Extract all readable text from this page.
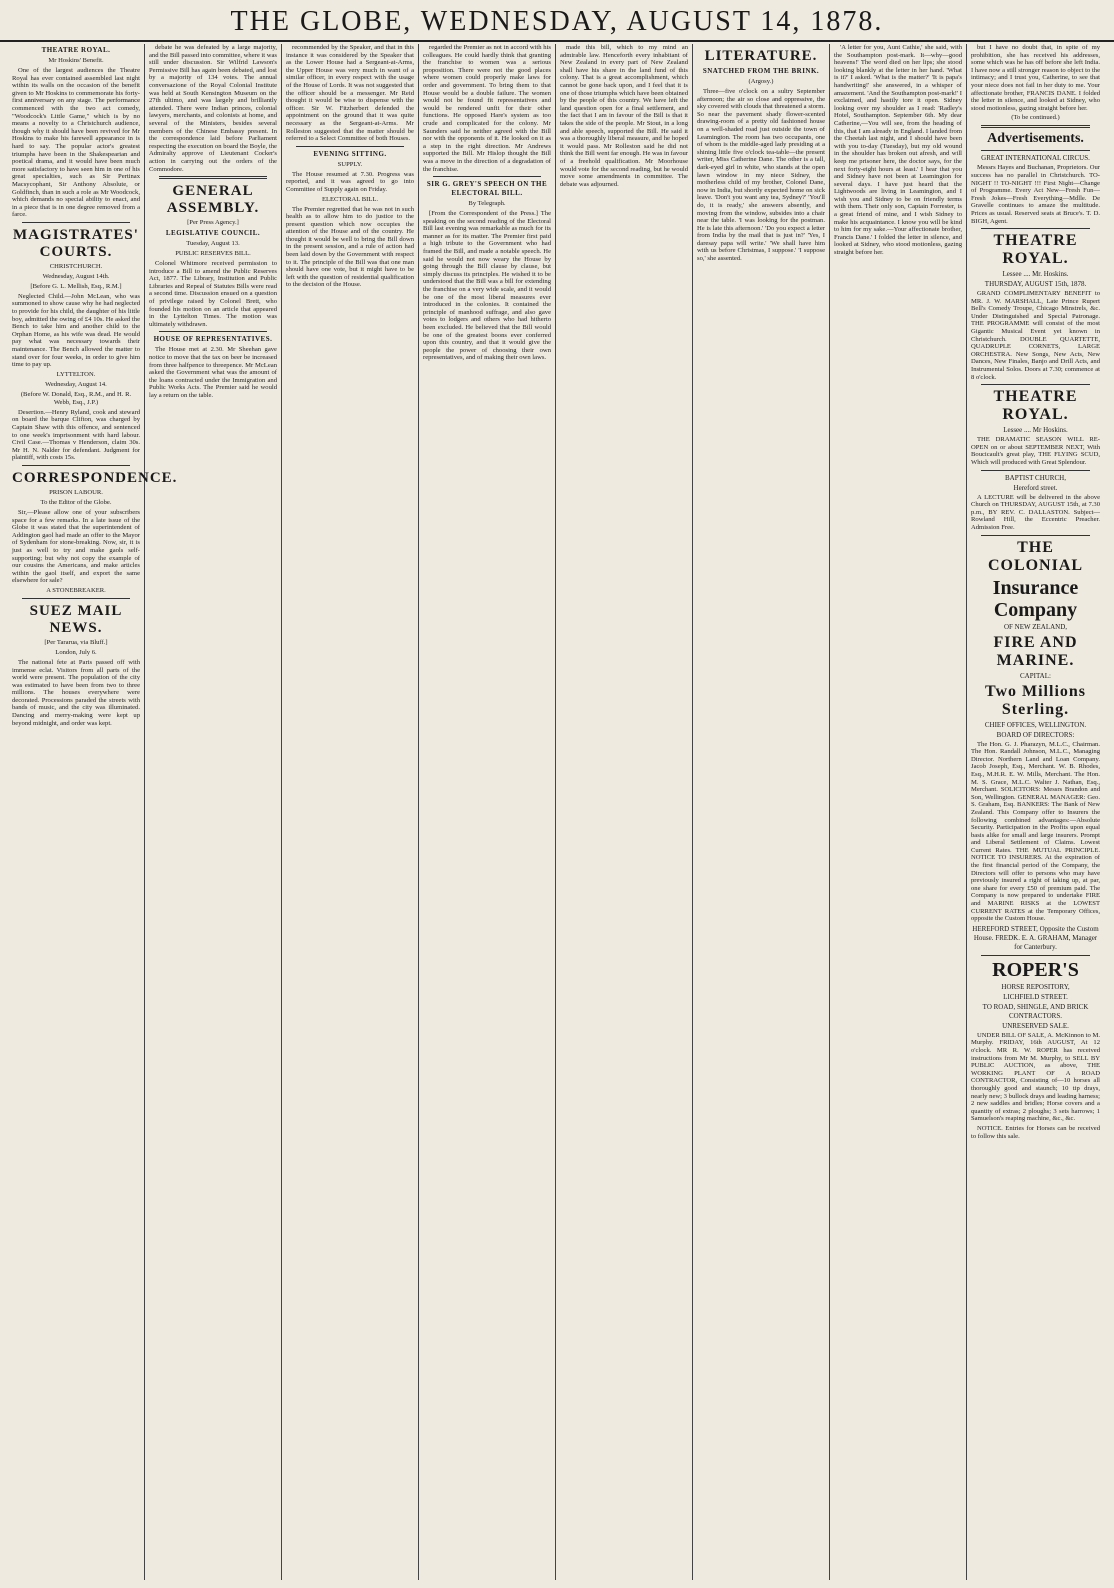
THE GLOBE, WEDNESDAY, AUGUST 14, 1878.
THEATRE ROYAL.
Mr Hoskins' Benefit.

One of the largest audiences the Theatre Royal has ever contained assembled last night within its walls on the occasion of the benefit given to Mr Hoskins to commemorate his forty-first anniversary on any stage. The performance commenced with the two act comedy, "Woodcock's Little Game," which is by no means a novelty to a Christchurch audience, though why it should have been revived for Mr Hoskins to make his farewell appearance in is hard to say. The popular actor's greatest triumphs have been in the Shakespearian and poetical drama, and it would have been much more satisfactory to have seen him in one of his great specialties, such as Sir Pertinax Macsycophant, Sir Anthony Absolute, or Goldfinch, than in such a role as Mr Woodcock, which demands no special ability to enact, and in a piece that is in one degree removed from a farce.

MAGISTRATES' COURTS.
CHRISTCHURCH.
Wednesday, August 14th.
[Before G. L. Mellish, Esq., R.M.]

Neglected Child.—John McLean, who was summoned to show cause why he had neglected to provide for his child, the daughter of his little boy, admitted the owing of £4 10s. He asked the Bench to take him and another child to the Orphan Home, as his wife was dead. He would pay what was necessary towards their maintenance. The Bench allowed the matter to stand over for four weeks, in order to give him time to pay up.

LYTTELTON.
Wednesday, August 14.
(Before W. Donald, Esq., R.M., and H. R. Webb, Esq., J.P.)

Desertion.—Henry Ryland, cook and steward on board the barque Clifton, was charged by Captain Shaw with this offence, and sentenced to one week's imprisonment with hard labour. Civil Case.—Thomas v Henderson, claim 30s. Mr H. N. Nalder for defendant. Judgment for plaintiff, with costs 15s.

CORRESPONDENCE.
PRISON LABOUR.
To the Editor of the Globe.

Sir,—Please allow one of your subscribers space for a few remarks. In a late issue of the Globe it was stated that the superintendent of Addington gaol had made an offer to the Mayor of Sydenham for stone-breaking. Now, sir, it is just as well to try and make gaols self-supporting; but why not copy the example of our cousins the Americans, and make articles within the gaol itself, and export the same elsewhere for sale?

A STONEBREAKER.
SUEZ MAIL NEWS.
[Per Tararua, via Bluff.]
London, July 6.

The national fete at Paris passed off with immense eclat. Visitors from all parts of the world were present. The population of the city was estimated to have been from two to three millions. The houses everywhere were decorated. Processions paraded the streets with bands of music, and the city was illuminated. Dancing and merry-making were kept up beyond midnight, and order was kept.

debate he was defeated by a large majority, and the Bill passed into committee, where it was still under discussion. Sir Wilfrid Lawson's Permissive Bill has again been debated, and lost by a majority of 134 votes. The annual conversazione of the Royal Colonial Institute was held at South Kensington Museum on the 27th ultimo, and was largely and brilliantly attended. There were Indian princes, colonial lawyers, merchants, and colonists at home, and several of the Ministers, besides several members of the Chinese Embassy present. In the correspondence laid before Parliament respecting the execution on board the Boyle, the Admiralty approve of Lieutenant Cocker's action in carrying out the orders of the Commodore.

GENERAL ASSEMBLY.
[Per Press Agency.]
LEGISLATIVE COUNCIL.
Tuesday, August 13.
PUBLIC RESERVES BILL.

Colonel Whitmore received permission to introduce a Bill to amend the Public Reserves Act, 1877. The Library, Institution and Public Libraries and Repeal of Statutes Bills were read a second time. Discussion ensued on a question of privilege raised by Colonel Brett, who founded his motion on an article that appeared in the Lyttelton Times. The motion was ultimately withdrawn.

HOUSE OF REPRESENTATIVES.

The House met at 2.30. Mr Sheehan gave notice to move that the tax on beer be increased from three halfpence to threepence. Mr McLean asked the Government what was the amount of the loans contracted under the Immigration and Public Works Acts. The Premier said he would lay a return on the table.

recommended by the Speaker, and that in this instance it was considered by the Speaker that as the Lower House had a Sergeant-at-Arms, the Upper House was very much in want of a similar officer, in every respect with the usage of the House of Lords. It was not suggested that the officer should be a messenger. Mr Reid thought it would be wise to dispense with the officer. Sir W. Fitzherbert defended the appointment on the ground that it was quite necessary as the Sergeant-at-Arms. Mr Rolleston suggested that the matter should be referred to a Select Committee of both Houses.

EVENING SITTING.
SUPPLY.

The House resumed at 7.30. Progress was reported, and it was agreed to go into Committee of Supply again on Friday.

ELECTORAL BILL.

The Premier regretted that he was not in such health as to allow him to do justice to the present question which now occupies the attention of the House and of the country. He thought it would be well to bring the Bill down in the present session, and a rule of action had been laid down by the Government with respect to it. The principle of the Bill was that one man should have one vote, but it might have to be left with the question of residential qualification to the decision of the House.

regarded the Premier as not in accord with his colleagues. He could hardly think that granting the franchise to women was a serious proposition. There were not the good places where women could properly make laws for order and government. To bring them to that House would be a double failure. The women would not be found fit representatives and would be rendered unfit for their other functions. He opposed Hare's system as too crude and complicated for the colony. Mr Saunders said he neither agreed with the Bill nor with the opponents of it. He looked on it as a step in the right direction. Mr Andrews supported the Bill. Mr Hislop thought the Bill was a move in the direction of a degradation of the franchise.

SIR G. GREY'S SPEECH ON THE ELECTORAL BILL.
By Telegraph.

[From the Correspondent of the Press.] The speaking on the second reading of the Electoral Bill last evening was remarkable as much for its manner as for its matter. The Premier first paid a high tribute to the Government who had framed the Bill, and made a notable speech. He said he would not now weary the House by going through the Bill clause by clause, but simply discuss its principles. He wished it to be understood that the Bill was a bill for extending the franchise on a very wide scale, and it would be one of the most liberal measures ever introduced in the colonies. It contained the principle of manhood suffrage, and also gave votes to lodgers and others who had hitherto been excluded. He believed that the Bill would be one of the greatest boons ever conferred upon this country, and that it would give the people the power of choosing their own representatives, and of making their own laws.

made this bill, which to my mind an admirable law. Henceforth every inhabitant of New Zealand in every part of New Zealand shall have his share in the land fund of this colony. That is a great accomplishment, which cannot be gone back upon, and I feel that it is one of those triumphs which have been obtained by the people of this country. We have left the land question open for a final settlement, and the fact that I am in favour of the Bill is that it takes the side of the people. Mr Stout, in a long and able speech, supported the Bill. He said it was a thoroughly liberal measure, and he hoped it would pass. Mr Rolleston said he did not think the Bill went far enough. He was in favour of a freehold qualification. Mr Moorhouse would vote for the second reading, but he would move some amendments in committee. The debate was adjourned.

LITERATURE.
SNATCHED FROM THE BRINK.
(Argosy.)

Three—five o'clock on a sultry September afternoon; the air so close and oppressive, the sky covered with clouds that threatened a storm. So near the pavement shady flower-scented drawing-room of a pretty old fashioned house on a well-shaded road just outside the town of Leamington. The room has two occupants, one of whom is the middle-aged lady presiding at a shining little five o'clock tea-table—the present writer, Miss Catherine Dane. The other is a tall, dark-eyed girl in white, who stands at the open lawn window in my niece Sidney, the motherless child of my brother, Colonel Dane, now in India, but shortly expected home on sick leave. 'Don't you want any tea, Sydney?' 'You'll do, it is ready,' she answers absently, and moving from the window, subsides into a chair near the table. 'I was looking for the postman. He is late this afternoon.' 'Do you expect a letter from India by the mail that is just in?' 'Yes, I daresay papa will write.' 'We shall have him with us before Christmas, I suppose.' 'I suppose so,' she assented.

'A letter for you, Aunt Cathie,' she said, with the Southampton post-mark. It—why—good heavens!' The word died on her lips; she stood looking blankly at the letter in her hand. 'What is it?' I asked. 'What is the matter?' 'It is papa's handwriting!' she answered, in a whisper of amazement. 'And the Southampton post-mark!' I exclaimed, and hastily tore it open. Sidney looking over my shoulder as I read: 'Radley's Hotel, Southampton. September 6th. My dear Catherine,—You will see, from the heading of this, that I am already in England. I landed from the Cheetah last night, and I should have been with you to-day (Tuesday), but my old wound in the shoulder has broken out afresh, and will keep me prisoner here, the doctor says, for the next forty-eight hours at least.' I hear that you and Sidney have not been at Leamington for several days. I have just heard that the Lightwoods are living in Leamington, and I wish you and Sidney to be on friendly terms with them. Their only son, Captain Forrester, is a great friend of mine, and I wish Sidney to make his acquaintance. I know you will be kind to him for my sake.—Your affectionate brother, Francis Dane.' I folded the letter in silence, and looked at Sidney, who stood motionless, gazing straight before her.

but I have no doubt that, in spite of my prohibition, she has received his addresses, some which was he has off before she left India. I have now a still stronger reason to object to the intimacy; and I trust you, Catherine, to see that your niece does not fail in her duty to me. Your affectionate brother, FRANCIS DANE. I folded the letter in silence, and looked at Sidney, who stood motionless, gazing straight before her.

(To be continued.)
Advertisements.
GREAT INTERNATIONAL CIRCUS.

Messrs Hayes and Buchanan, Proprietors. Our success has no parallel in Christchurch. TO-NIGHT !! TO-NIGHT !!! First Night—Change of Programme. Every Act New—Fresh Fun—Fresh Jokes—Fresh Everything—Mdlle. De Gravelle continues to amaze the multitude. Prices as usual. Reserved seats at Bruce's. T. D. BIGH, Agent.

THEATRE ROYAL.
Lessee .... Mr. Hoskins.
THURSDAY, AUGUST 15th, 1878.

GRAND COMPLIMENTARY BENEFIT to MR. J. W. MARSHALL, Late Prince Rupert Bell's Comedy Troupe, Chicago Minstrels, &c. Under Distinguished and Special Patronage. THE PROGRAMME will consist of the most Gigantic Musical Event yet known in Christchurch. DOUBLE QUARTETTE, QUADRUPLE CORNETS, LARGE ORCHESTRA. New Songs, New Acts, New Dances, New Finales, Banjo and Drill Acts, and Instrumental Solos. Doors at 7.30; commence at 8 o'clock.

THEATRE ROYAL.
Lessee .... Mr Hoskins.

THE DRAMATIC SEASON WILL RE-OPEN on or about SEPTEMBER NEXT, With Boucicault's great play, THE FLYING SCUD, Which will produced with Great Splendour.

BAPTIST CHURCH,
Hereford street.

A LECTURE will be delivered in the above Church on THURSDAY, AUGUST 15th, at 7.30 p.m., BY REV. C. DALLASTON. Subject—Rowland Hill, the Eccentric Preacher. Admission Free.

THE COLONIAL
Insurance Company
OF NEW ZEALAND,
FIRE AND MARINE.
CAPITAL:
Two Millions Sterling.
CHIEF OFFICES, WELLINGTON.
BOARD OF DIRECTORS:

The Hon. G. J. Pharazyn, M.L.C., Chairman. The Hon. Randall Johnson, M.L.C., Managing Director. Northern Land and Loan Company. Jacob Joseph, Esq., Merchant. W. B. Rhodes, Esq., M.H.R. E. W. Mills, Merchant. The Hon. M. S. Grace, M.L.C. Walter J. Nathan, Esq., Merchant. SOLICITORS: Messrs Brandon and Son, Wellington. GENERAL MANAGER: Geo. S. Graham, Esq. BANKERS: The Bank of New Zealand. This Company offer to Insurers the following combined advantages:—Absolute Security. Participation in the Profits upon equal basis alike for small and large insurers. Prompt and Liberal Settlement of Claims. Lowest Current Rates. THE MUTUAL PRINCIPLE. NOTICE TO INSURERS. At the expiration of the first financial period of the Company, the Directors will offer to persons who may have previously insured a right of taking up, at par, one share for every £50 of premium paid. The Company is now prepared to undertake FIRE and MARINE RISKS at the LOWEST CURRENT RATES at the Temporary Offices, opposite the Custom House.

HEREFORD STREET, Opposite the Custom House. FREDK. E. A. GRAHAM, Manager for Canterbury.
ROPER'S
HORSE REPOSITORY,
LICHFIELD STREET.
TO ROAD, SHINGLE, AND BRICK CONTRACTORS.
UNRESERVED SALE.

UNDER BILL OF SALE, A. McKinnon to M. Murphy. FRIDAY, 16th AUGUST, At 12 o'clock. MR R. W. ROPER has received instructions from Mr M. Murphy, to SELL BY PUBLIC AUCTION, as above, THE WORKING PLANT OF A ROAD CONTRACTOR, Consisting of—10 horses all thoroughly good and staunch; 10 tip drays, nearly new; 3 bullock drays and leading harness; 2 new saddles and bridles; Horse covers and a quantity of extras; 2 ploughs; 3 sets harrows; 1 Samuelson's reaping machine, &c., &c.

NOTICE. Entries for Horses can be received to follow this sale.
